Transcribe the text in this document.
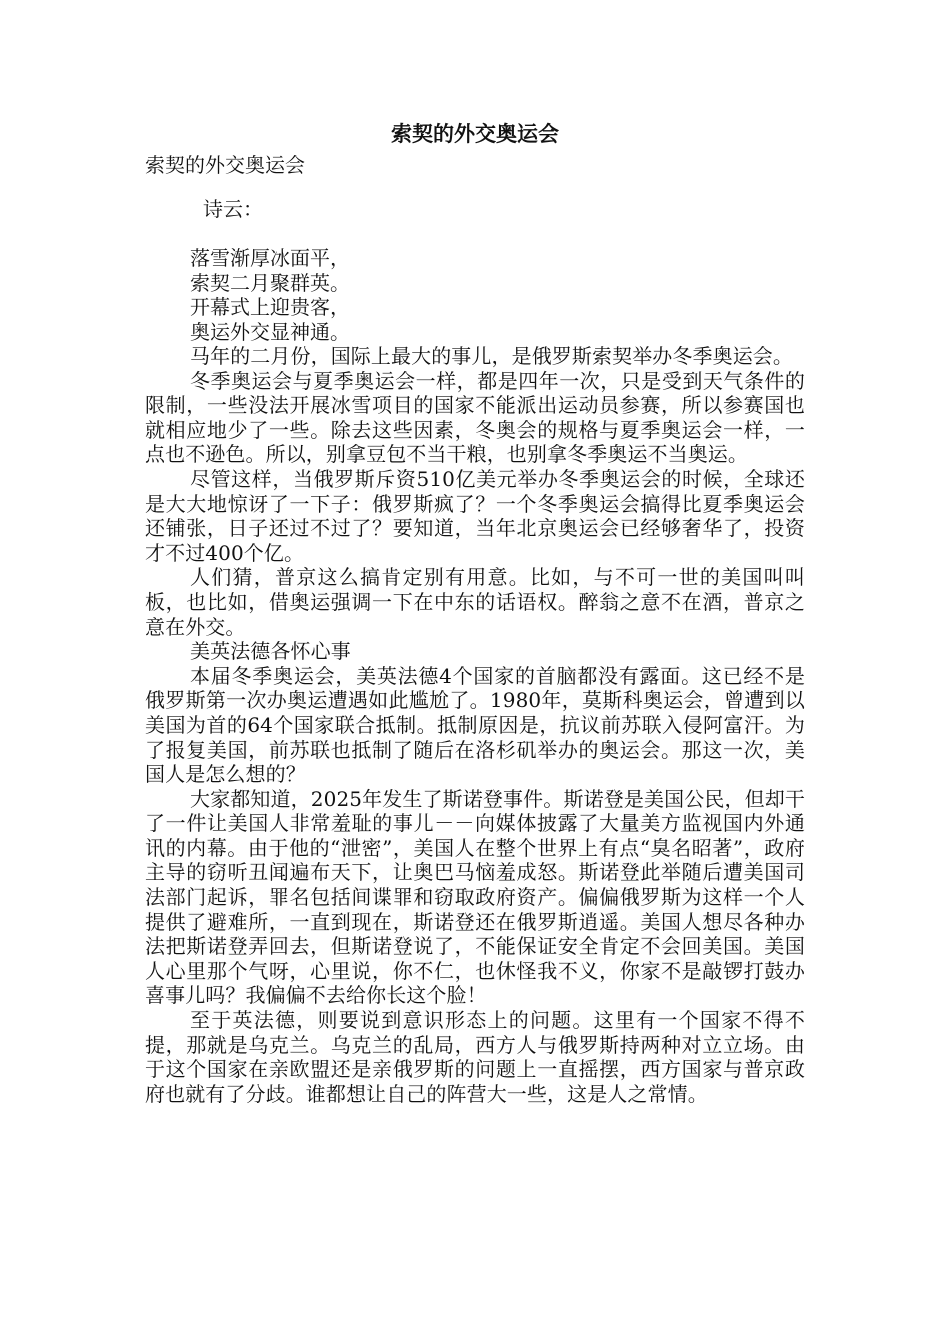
索契的外交奥运会

索契的外交奥运会

诗云：

落雪渐厚冰面平，

索契二月聚群英。

开幕式上迎贵客，

奥运外交显神通。

马年的二月份，国际上最大的事儿，是俄罗斯索契举办冬季奥运会。

冬季奥运会与夏季奥运会一样，都是四年一次，只是受到天气条件的限制，一些没法开展冰雪项目的国家不能派出运动员参赛，所以参赛国也就相应地少了一些。除去这些因素，冬奥会的规格与夏季奥运会一样，一点也不逊色。所以，别拿豆包不当干粮，也别拿冬季奥运不当奥运。

尽管这样，当俄罗斯斥资510亿美元举办冬季奥运会的时候，全球还是大大地惊讶了一下子：俄罗斯疯了？一个冬季奥运会搞得比夏季奥运会还铺张，日子还过不过了？要知道，当年北京奥运会已经够奢华了，投资才不过400个亿。

人们猜，普京这么搞肯定别有用意。比如，与不可一世的美国叫叫板，也比如，借奥运强调一下在中东的话语权。醉翁之意不在酒，普京之意在外交。

美英法德各怀心事

本届冬季奥运会，美英法德4个国家的首脑都没有露面。这已经不是俄罗斯第一次办奥运遭遇如此尴尬了。1980年，莫斯科奥运会，曾遭到以美国为首的64个国家联合抵制。抵制原因是，抗议前苏联入侵阿富汗。为了报复美国，前苏联也抵制了随后在洛杉矶举办的奥运会。那这一次，美国人是怎么想的？

大家都知道，2025年发生了斯诺登事件。斯诺登是美国公民，但却干了一件让美国人非常羞耻的事儿－－向媒体披露了大量美方监视国内外通讯的内幕。由于他的“泄密”，美国人在整个世界上有点“臭名昭著”，政府主导的窃听丑闻遍布天下，让奥巴马恼羞成怒。斯诺登此举随后遭美国司法部门起诉，罪名包括间谍罪和窃取政府资产。偏偏俄罗斯为这样一个人提供了避难所，一直到现在，斯诺登还在俄罗斯逍遥。美国人想尽各种办法把斯诺登弄回去，但斯诺登说了，不能保证安全肯定不会回美国。美国人心里那个气呀，心里说，你不仁，也休怪我不义，你家不是敲锣打鼓办喜事儿吗？我偏偏不去给你长这个脸！

至于英法德，则要说到意识形态上的问题。这里有一个国家不得不提，那就是乌克兰。乌克兰的乱局，西方人与俄罗斯持两种对立立场。由于这个国家在亲欧盟还是亲俄罗斯的问题上一直摇摆，西方国家与普京政府也就有了分歧。谁都想让自己的阵营大一些，这是人之常情。
